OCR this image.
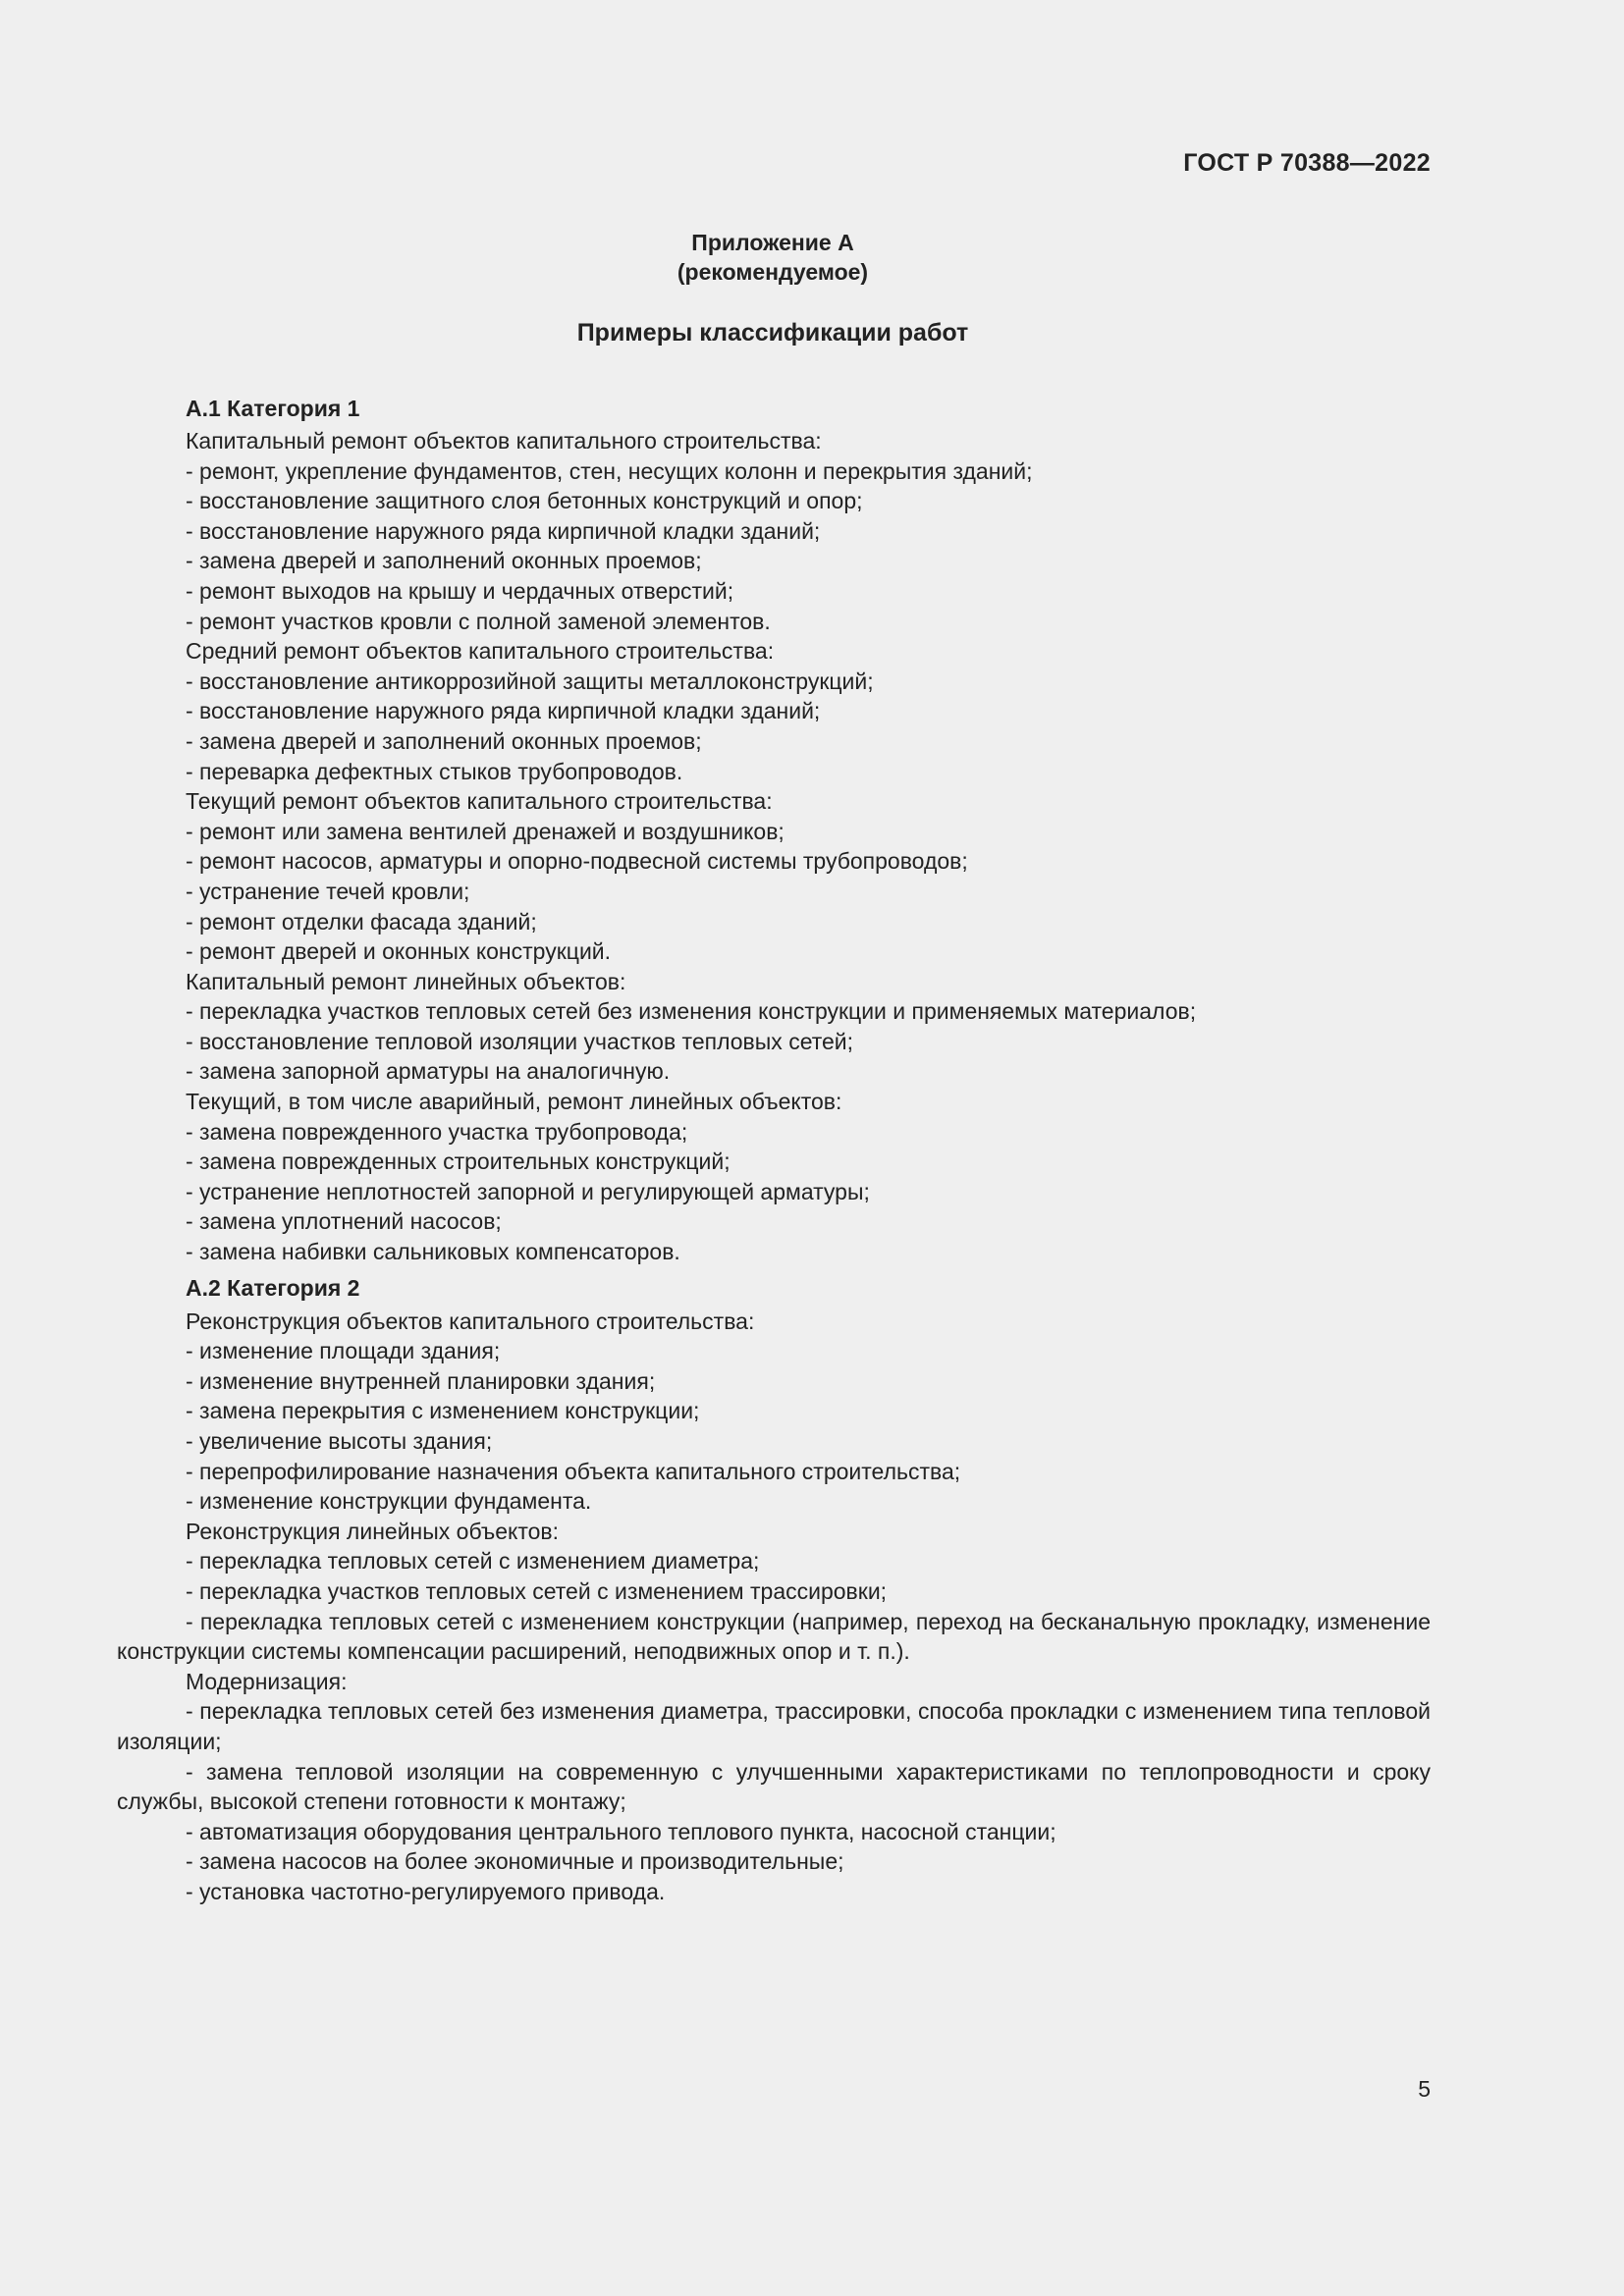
ГОСТ Р 70388—2022
Приложение А
(рекомендуемое)
Примеры классификации работ
А.1 Категория 1
Капитальный ремонт объектов капитального строительства:
- ремонт, укрепление фундаментов, стен, несущих колонн и перекрытия зданий;
- восстановление защитного слоя бетонных конструкций и опор;
- восстановление наружного ряда кирпичной кладки зданий;
- замена дверей и заполнений оконных проемов;
- ремонт выходов на крышу и чердачных отверстий;
- ремонт участков кровли с полной заменой элементов.
Средний ремонт объектов капитального строительства:
- восстановление антикоррозийной защиты металлоконструкций;
- восстановление наружного ряда кирпичной кладки зданий;
- замена дверей и заполнений оконных проемов;
- переварка дефектных стыков трубопроводов.
Текущий ремонт объектов капитального строительства:
- ремонт или замена вентилей дренажей и воздушников;
- ремонт насосов, арматуры и опорно-подвесной системы трубопроводов;
- устранение течей кровли;
- ремонт отделки фасада зданий;
- ремонт дверей и оконных конструкций.
Капитальный ремонт линейных объектов:
- перекладка участков тепловых сетей без изменения конструкции и применяемых материалов;
- восстановление тепловой изоляции участков тепловых сетей;
- замена запорной арматуры на аналогичную.
Текущий, в том числе аварийный, ремонт линейных объектов:
- замена поврежденного участка трубопровода;
- замена поврежденных строительных конструкций;
- устранение неплотностей запорной и регулирующей арматуры;
- замена уплотнений насосов;
- замена набивки сальниковых компенсаторов.
А.2 Категория 2
Реконструкция объектов капитального строительства:
- изменение площади здания;
- изменение внутренней планировки здания;
- замена перекрытия с изменением конструкции;
- увеличение высоты здания;
- перепрофилирование назначения объекта капитального строительства;
- изменение конструкции фундамента.
Реконструкция линейных объектов:
- перекладка тепловых сетей с изменением диаметра;
- перекладка участков тепловых сетей с изменением трассировки;
- перекладка тепловых сетей с изменением конструкции (например, переход на бесканальную прокладку, изменение конструкции системы компенсации расширений, неподвижных опор и т. п.).
Модернизация:
- перекладка тепловых сетей без изменения диаметра, трассировки, способа прокладки с изменением типа тепловой изоляции;
- замена тепловой изоляции на современную с улучшенными характеристиками по теплопроводности и сроку службы, высокой степени готовности к монтажу;
- автоматизация оборудования центрального теплового пункта, насосной станции;
- замена насосов на более экономичные и производительные;
- установка частотно-регулируемого привода.
5
